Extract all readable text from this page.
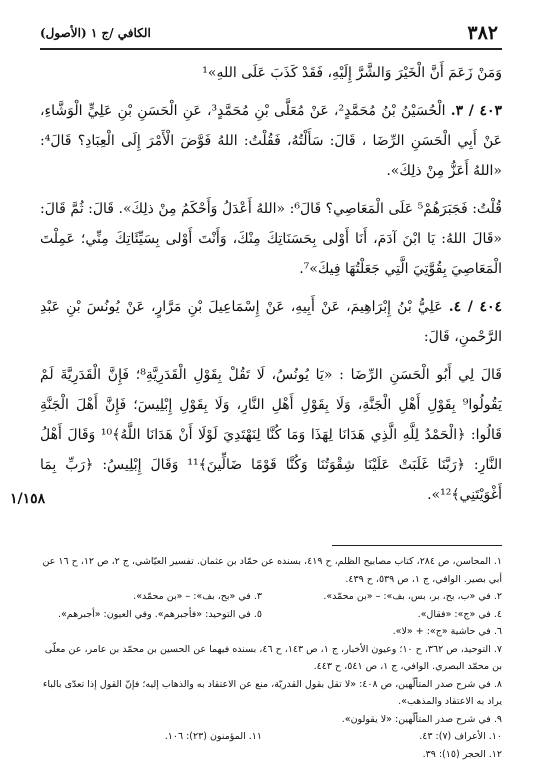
٣٨٢
الكافي /ج ١ (الأصول)

وَمَنْ زَعَمَ أَنَّ الْخَيْرَ وَالشَّرَّ إِلَيْهِ، فَقَدْ كَذَبَ عَلَى اللهِ»¹

٤٠٣ / ٣. الْحُسَيْنُ بْنُ مُحَمَّدٍ²، عَنْ مُعَلَّى بْنِ مُحَمَّدٍ³، عَنِ الْحَسَنِ بْنِ عَلِيٍّ الْوَشَّاءِ، عَنْ أَبِي الْحَسَنِ الرِّضَا ، قَالَ: سَأَلْتُهُ، فَقُلْتُ: اللهُ فَوَّضَ الْأَمْرَ إِلَى الْعِبَادِ؟ قَالَ⁴: «اللهُ أَعَزُّ مِنْ ذلِكَ».

قُلْتُ: فَجَبَرَهُمْ⁵ عَلَى الْمَعَاصِي؟ قَالَ⁶: «اللهُ أَعْدَلُ وَأَحْكَمُ مِنْ ذلِكَ». قَالَ: ثُمَّ قَالَ: «قَالَ اللهُ: يَا ابْنَ آدَمَ، أَنَا أَوْلى بِحَسَنَاتِكَ مِنْكَ، وَأَنْتَ أَوْلى بِسَيِّئَاتِكَ مِنِّي؛ عَمِلْتَ الْمَعَاصِيَ بِقُوَّتِيَ الَّتِي جَعَلْتُهَا فِيكَ»⁷.

٤٠٤ / ٤. عَلِيُّ بْنُ إِبْرَاهِيمَ، عَنْ أَبِيهِ، عَنْ إِسْمَاعِيلَ بْنِ مَرَّارٍ، عَنْ يُونُسَ بْنِ عَبْدِ الرَّحْمنِ، قَالَ:

قَالَ لِي أَبُو الْحَسَنِ الرِّضَا : «يَا يُونُسُ، لَا تَقُلْ بِقَوْلِ الْقَدَرِيَّةِ⁸؛ فَإِنَّ الْقَدَرِيَّةَ لَمْ يَقُولُوا⁹ بِقَوْلِ أَهْلِ الْجَنَّةِ، وَلَا بِقَوْلِ أَهْلِ النَّارِ، وَلَا بِقَوْلِ إِبْلِيسَ؛ فَإِنَّ أَهْلَ الْجَنَّةِ قَالُوا: ﴿الْحَمْدُ لِلَّهِ الَّذِي هَدَانَا لِهَذَا وَمَا كُنَّا لِنَهْتَدِيَ لَوْلَا أَنْ هَدَانَا اللَّهُ﴾¹⁰ وَقَالَ أَهْلُ النَّارِ: ﴿رَبَّنَا غَلَبَتْ عَلَيْنَا شِقْوَتُنَا وَكُنَّا قَوْمًا ضَالِّينَ﴾¹¹ وَقَالَ إِبْلِيسُ: ﴿رَبِّ بِمَا أَغْوَيْتَنِي﴾¹²».

١/١٥٨

١. المحاسن، ص ٢٨٤، كتاب مصابيح الظلم، ح ٤١٩، بسنده عن حمّاد بن عثمان. تفسير العيّاشي، ج ٢، ص ١٢، ح ١٦ عن أبي بصير. الوافي، ج ١، ص ٥٣٩، ح ٤٣٩.

٢. في «ب، بح، بر، بس، بف»: – «بن محمّد».

٣. في «بح، بف»: – «بن محمّد».

٤. في «ج»: «فقال».

٥. في التوحيد: «فأجبرهم». وفي العيون: «أجبرهم».

٦. في حاشية «ج»: + «لا».

٧. التوحيد، ص ٣٦٢، ح ١٠؛ وعيون الأخبار، ج ١، ص ١٤٣، ح ٤٦، بسنده فيهما عن الحسين بن محمّد بن عامر، عن معلّى بن محمّد البصري. الوافي، ج ١، ص ٥٤١، ح ٤٤٣.

٨. في شرح صدر المتألّهين، ص ٤٠٨: «لا تقل بقول القدريّة، منع عن الاعتقاد به والذهاب إليه؛ فإنّ القول إذا تعدّى بالباء يراد به الاعتقاد والمذهب».

٩. في شرح صدر المتألّهين: «لا يقولون».

١٠. الأعراف (٧): ٤٣.

١١. المؤمنون (٢٣): ١٠٦.

١٢. الحجر (١٥): ٣٩.
